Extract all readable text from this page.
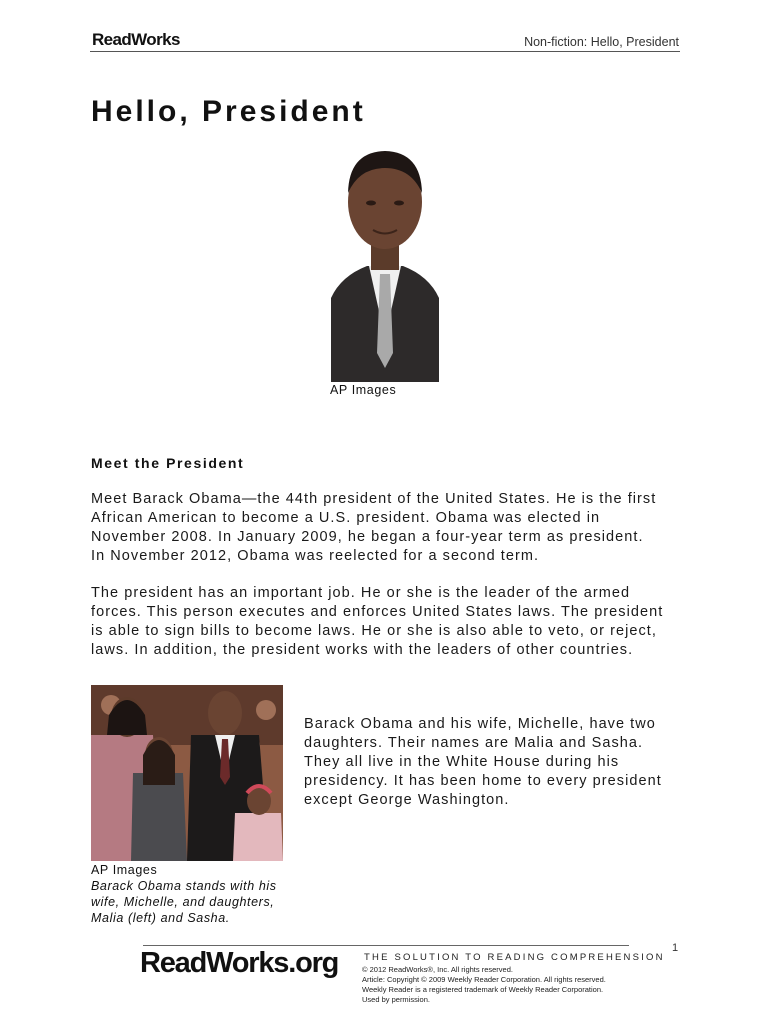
ReadWorks	Non-fiction: Hello, President
Hello, President
AP Images
Meet the President
Meet Barack Obama—the 44th president of the United States. He is the first
African American to become a U.S. president. Obama was elected in
November 2008. In January 2009, he began a four-year term as president.
In November 2012, Obama was reelected for a second term.
The president has an important job. He or she is the leader of the armed
forces. This person executes and enforces United States laws. The president
is able to sign bills to become laws. He or she is also able to veto, or reject,
laws. In addition, the president works with the leaders of other countries.
Barack Obama and his wife, Michelle, have two
daughters. Their names are Malia and Sasha.
They all live in the White House during his
presidency. It has been home to every president
except George Washington.
AP Images
Barack Obama stands with his
wife, Michelle, and daughters,
Malia (left) and Sasha.
1
ReadWorks.org	THE SOLUTION TO READING COMPREHENSION
© 2012 ReadWorks®, Inc. All rights reserved.
Article: Copyright © 2009 Weekly Reader Corporation. All rights reserved.
Weekly Reader is a registered trademark of Weekly Reader Corporation.
Used by permission.
